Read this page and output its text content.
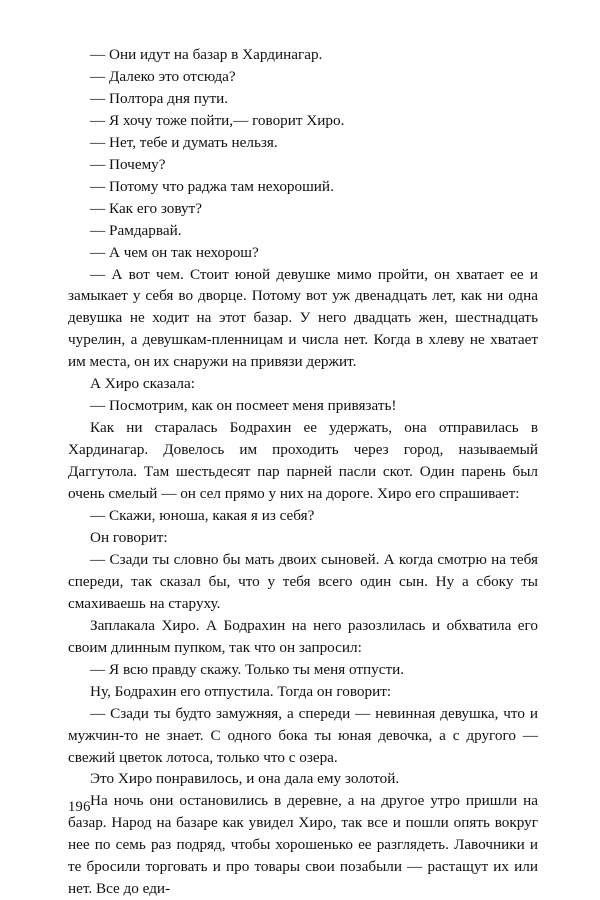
— Они идут на базар в Хардинагар.

— Далеко это отсюда?

— Полтора дня пути.

— Я хочу тоже пойти,— говорит Хиро.

— Нет, тебе и думать нельзя.

— Почему?

— Потому что раджа там нехороший.

— Как его зовут?

— Рамдарвай.

— А чем он так нехорош?

— А вот чем. Стоит юной девушке мимо пройти, он хватает ее и замыкает у себя во дворце. Потому вот уж двенадцать лет, как ни одна девушка не ходит на этот базар. У него двадцать жен, шестнадцать чурелин, а девушкам-пленницам и числа нет. Когда в хлеву не хватает им места, он их снаружи на привязи держит.

А Хиро сказала:

— Посмотрим, как он посмеет меня привязать!

Как ни старалась Бодрахин ее удержать, она отправилась в Хардинагар. Довелось им проходить через город, называемый Даггутола. Там шестьдесят пар парней пасли скот. Один парень был очень смелый — он сел прямо у них на дороге. Хиро его спрашивает:

— Скажи, юноша, какая я из себя?

Он говорит:

— Сзади ты словно бы мать двоих сыновей. А когда смотрю на тебя спереди, так сказал бы, что у тебя всего один сын. Ну а сбоку ты смахиваешь на старуху.

Заплакала Хиро. А Бодрахин на него разозлилась и обхватила его своим длинным пупком, так что он запросил:

— Я всю правду скажу. Только ты меня отпусти.

Ну, Бодрахин его отпустила. Тогда он говорит:

— Сзади ты будто замужняя, а спереди — невинная девушка, что и мужчин-то не знает. С одного бока ты юная девочка, а с другого — свежий цветок лотоса, только что с озера.

Это Хиро понравилось, и она дала ему золотой.

На ночь они остановились в деревне, а на другое утро пришли на базар. Народ на базаре как увидел Хиро, так все и пошли опять вокруг нее по семь раз подряд, чтобы хорошенько ее разглядеть. Лавочники и те бросили торговать и про товары свои позабыли — растащут их или нет. Все до еди-

196
